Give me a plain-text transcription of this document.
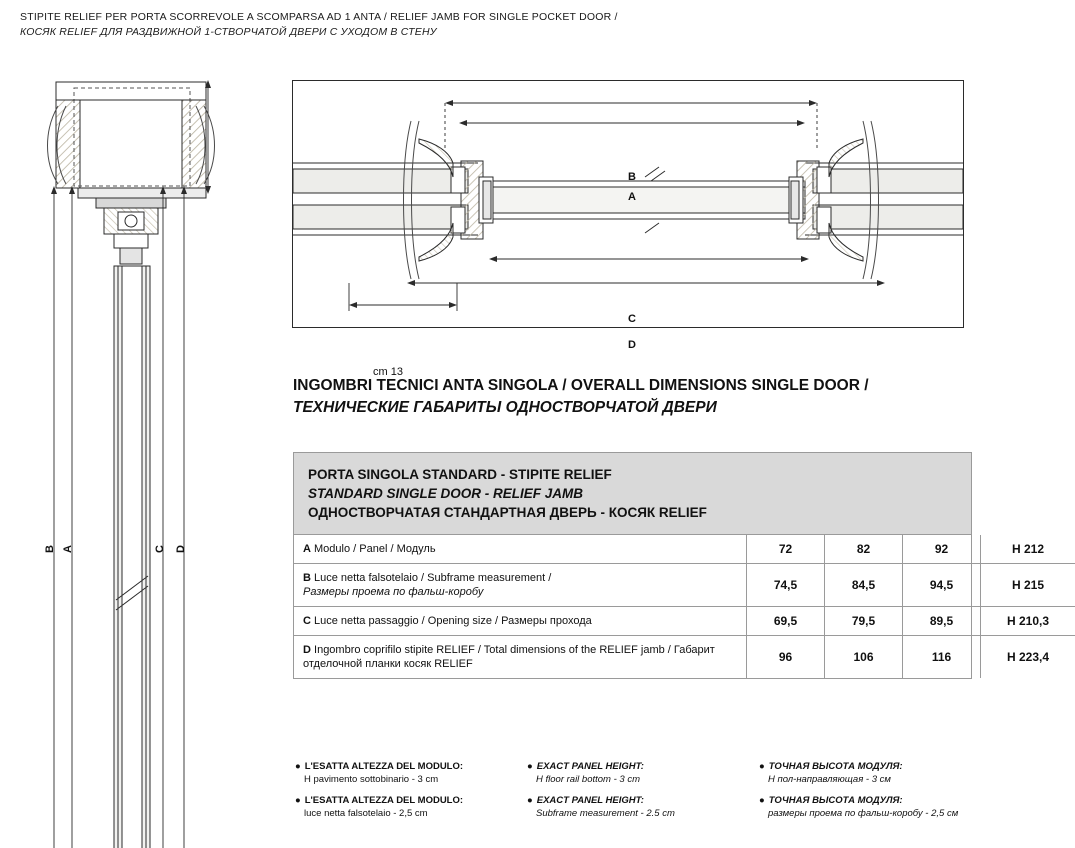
STIPITE RELIEF PER PORTA SCORREVOLE A SCOMPARSA AD 1 ANTA / RELIEF JAMB FOR SINGLE POCKET DOOR /
КОСЯК RELIEF ДЛЯ РАЗДВИЖНОЙ 1-СТВОРЧАТОЙ ДВЕРИ С УХОДОМ В СТЕНУ
B A	C D
B
A
C
D
cm 13
INGOMBRI TECNICI ANTA SINGOLA / OVERALL DIMENSIONS SINGLE DOOR /
ТЕХНИЧЕСКИЕ ГАБАРИТЫ ОДНОСТВОРЧАТОЙ ДВЕРИ
PORTA SINGOLA STANDARD - STIPITE RELIEF
STANDARD SINGLE DOOR - RELIEF JAMB
ОДНОСТВОРЧАТАЯ СТАНДАРТНАЯ ДВЕРЬ - КОСЯК RELIEF
A Modulo / Panel / Модуль	72	82	92	H 212
B Luce netta falsotelaio / Subframe measurement /
Размеры проема по фальш-коробу	74,5	84,5	94,5	H 215
C Luce netta passaggio / Opening size / Размеры прохода	69,5	79,5	89,5	H 210,3
D Ingombro coprifilo stipite RELIEF / Total dimensions of the RELIEF jamb / Габарит
отделочной планки косяк RELIEF	96	106	116	H 223,4
● L'ESATTA ALTEZZA DEL MODULO:
H pavimento sottobinario - 3 cm
● L'ESATTA ALTEZZA DEL MODULO:
luce netta falsotelaio - 2,5 cm
● EXACT PANEL HEIGHT:
H floor rail bottom - 3 cm
● EXACT PANEL HEIGHT:
Subframe measurement - 2.5 cm
● ТОЧНАЯ ВЫСОТА МОДУЛЯ:
Н пол-направляющая - 3 см
● ТОЧНАЯ ВЫСОТА МОДУЛЯ:
размеры проема по фальш-коробу - 2,5 см
